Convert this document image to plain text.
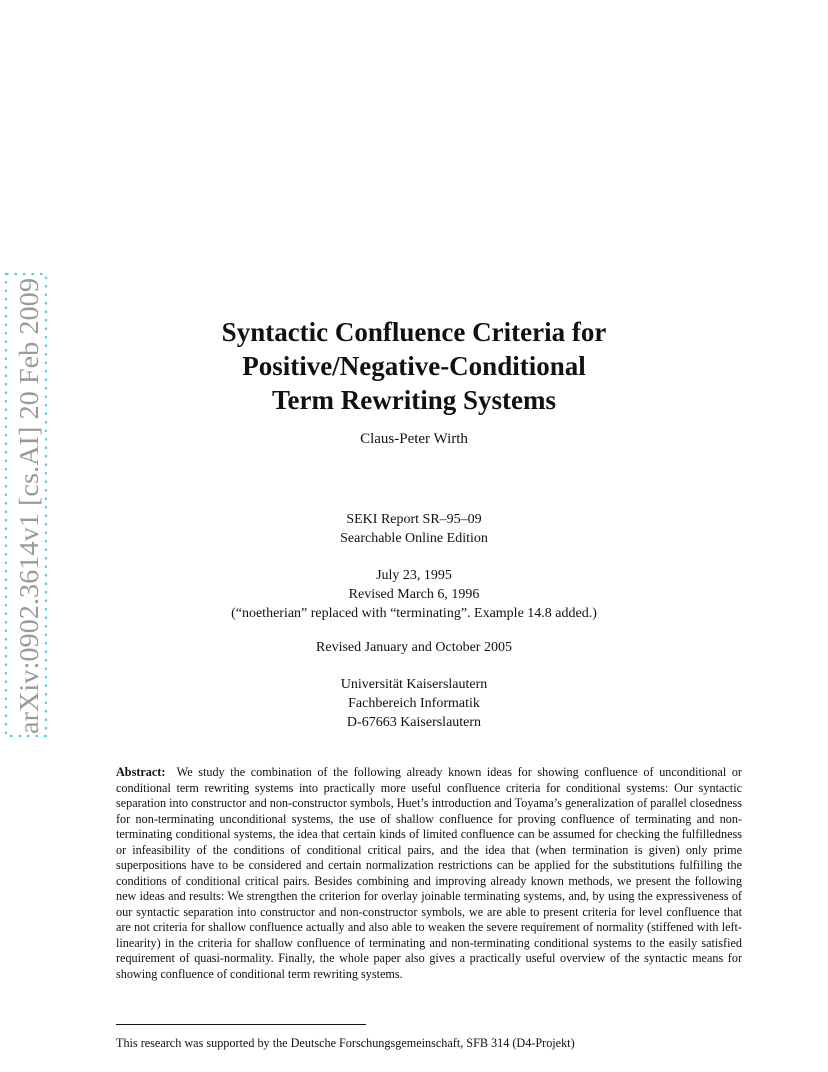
arXiv:0902.3614v1 [cs.AI] 20 Feb 2009	Syntactic Confluence Criteria for
Positive/Negative-Conditional
Term Rewriting Systems
Claus-Peter Wirth
SEKI Report SR–95–09
Searchable Online Edition
July 23, 1995
Revised March 6, 1996
(“noetherian” replaced with “terminating”. Example 14.8 added.)
Revised January and October 2005
Universität Kaiserslautern
Fachbereich Informatik
D-67663 Kaiserslautern
Abstract: We study the combination of the following already known ideas for showing confluence of unconditional or conditional term rewriting systems into practically more useful confluence criteria for conditional systems: Our syntactic separation into constructor and non-constructor symbols, Huet’s introduction and Toyama’s generalization of parallel closedness for non-terminating unconditional systems, the use of shallow confluence for proving confluence of terminating and non-terminating conditional systems, the idea that certain kinds of limited confluence can be assumed for checking the fulfilledness or infeasibility of the conditions of conditional critical pairs, and the idea that (when termination is given) only prime superpositions have to be considered and certain normalization restrictions can be applied for the substitutions fulfilling the conditions of conditional critical pairs. Besides combining and improving already known methods, we present the following new ideas and results: We strengthen the criterion for overlay joinable terminating systems, and, by using the expressiveness of our syntactic separation into constructor and non-constructor symbols, we are able to present criteria for level confluence that are not criteria for shallow confluence actually and also able to weaken the severe requirement of normality (stiffened with left-linearity) in the criteria for shallow confluence of terminating and non-terminating conditional systems to the easily satisfied requirement of quasi-normality. Finally, the whole paper also gives a practically useful overview of the syntactic means for showing confluence of conditional term rewriting systems.
This research was supported by the Deutsche Forschungsgemeinschaft, SFB 314 (D4-Projekt)
